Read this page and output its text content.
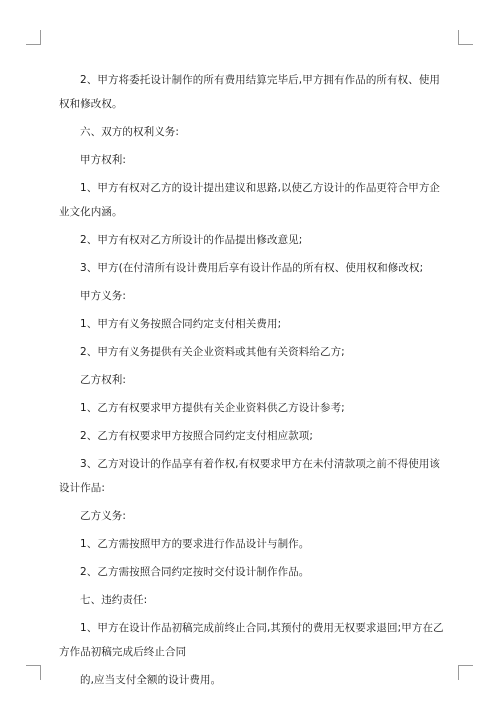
2、甲方将委托设计制作的所有费用结算完毕后,甲方拥有作品的所有权、使用权和修改权。

六、双方的权利义务:

甲方权利:

1、甲方有权对乙方的设计提出建议和思路,以使乙方设计的作品更符合甲方企业文化内涵。

2、甲方有权对乙方所设计的作品提出修改意见;

3、甲方(在付清所有设计费用后享有设计作品的所有权、使用权和修改权;

甲方义务:

1、甲方有义务按照合同约定支付相关费用;

2、甲方有义务提供有关企业资料或其他有关资料给乙方;

乙方权利:

1、乙方有权要求甲方提供有关企业资料供乙方设计参考;

2、乙方有权要求甲方按照合同约定支付相应款项;

3、乙方对设计的作品享有着作权,有权要求甲方在未付清款项之前不得使用该设计作品:

乙方义务:

1、乙方需按照甲方的要求进行作品设计与制作。

2、乙方需按照合同约定按时交付设计制作作品。

七、违约责任:

1、甲方在设计作品初稿完成前终止合同,其预付的费用无权要求退回;甲方在乙方作品初稿完成后终止合同

的,应当支付全额的设计费用。
